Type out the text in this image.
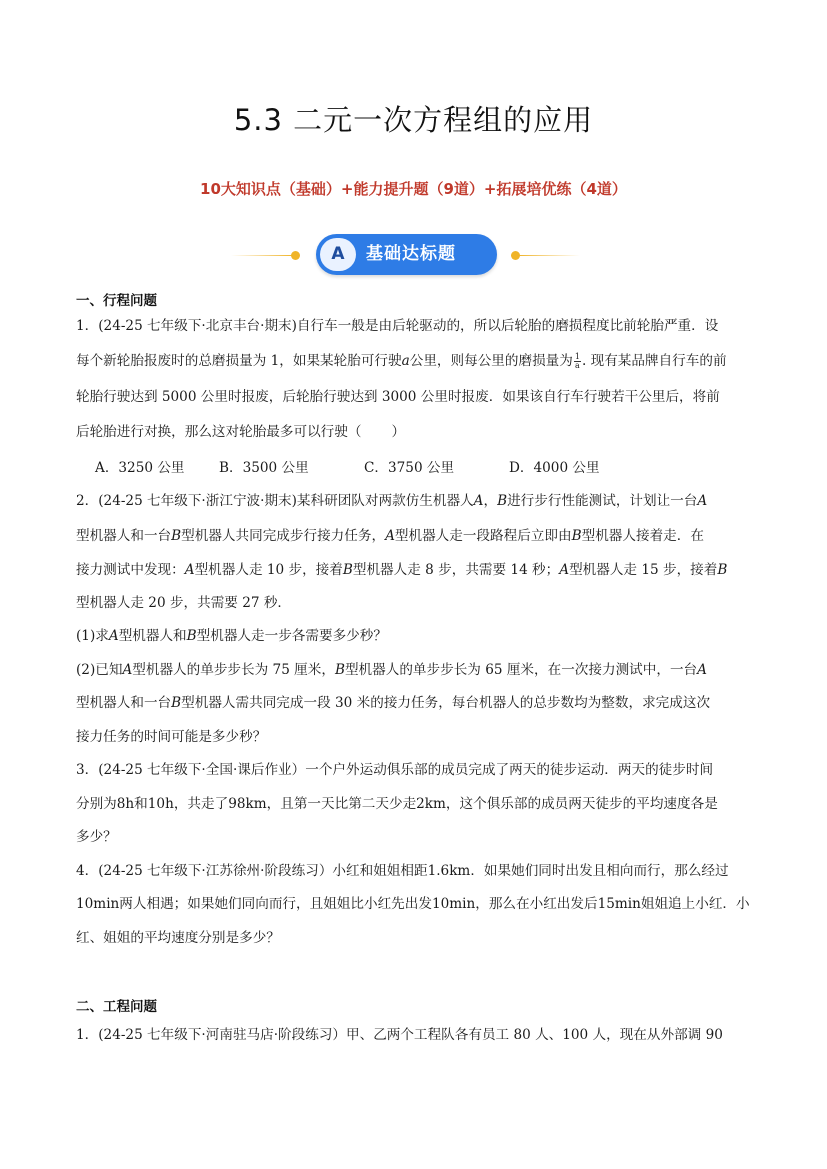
5.3 二元一次方程组的应用

10大知识点（基础）+能力提升题（9道）+拓展培优练（4道）

A	基础达标题

一、行程问题

1．(24-25 七年级下·北京丰台·期末)自行车一般是由后轮驱动的，所以后轮胎的磨损程度比前轮胎严重．设

每个新轮胎报废时的总磨损量为 1，如果某轮胎可行驶a公里，则每公里的磨损量为 $\frac{1}{a}$ . 现有某品牌自行车的前

轮胎行驶达到 5000 公里时报废，后轮胎行驶达到 3000 公里时报废．如果该自行车行驶若干公里后，将前

后轮胎进行对换，那么这对轮胎最多可以行驶（ ）

A．3250 公里	B．3500 公里	C．3750 公里	D．4000 公里

2．(24-25 七年级下·浙江宁波·期末)某科研团队对两款仿生机器人A，B进行步行性能测试，计划让一台A

型机器人和一台B型机器人共同完成步行接力任务，A型机器人走一段路程后立即由B型机器人接着走．在

接力测试中发现：A型机器人走 10 步，接着B型机器人走 8 步，共需要 14 秒；A型机器人走 15 步，接着B

型机器人走 20 步，共需要 27 秒．

(1)求A型机器人和B型机器人走一步各需要多少秒？

(2)已知A型机器人的单步步长为 75 厘米，B型机器人的单步步长为 65 厘米，在一次接力测试中，一台A

型机器人和一台B型机器人需共同完成一段 30 米的接力任务，每台机器人的总步数均为整数，求完成这次

接力任务的时间可能是多少秒？

3．(24-25 七年级下·全国·课后作业）一个户外运动俱乐部的成员完成了两天的徒步运动．两天的徒步时间

分别为8h和10h，共走了98km，且第一天比第二天少走2km，这个俱乐部的成员两天徒步的平均速度各是

多少？

4．(24-25 七年级下·江苏徐州·阶段练习）小红和姐姐相距1.6km．如果她们同时出发且相向而行，那么经过

10min两人相遇；如果她们同向而行，且姐姐比小红先出发10min，那么在小红出发后15min姐姐追上小红．小

红、姐姐的平均速度分别是多少？

二、工程问题

1．(24-25 七年级下·河南驻马店·阶段练习）甲、乙两个工程队各有员工 80 人、100 人，现在从外部调 90
